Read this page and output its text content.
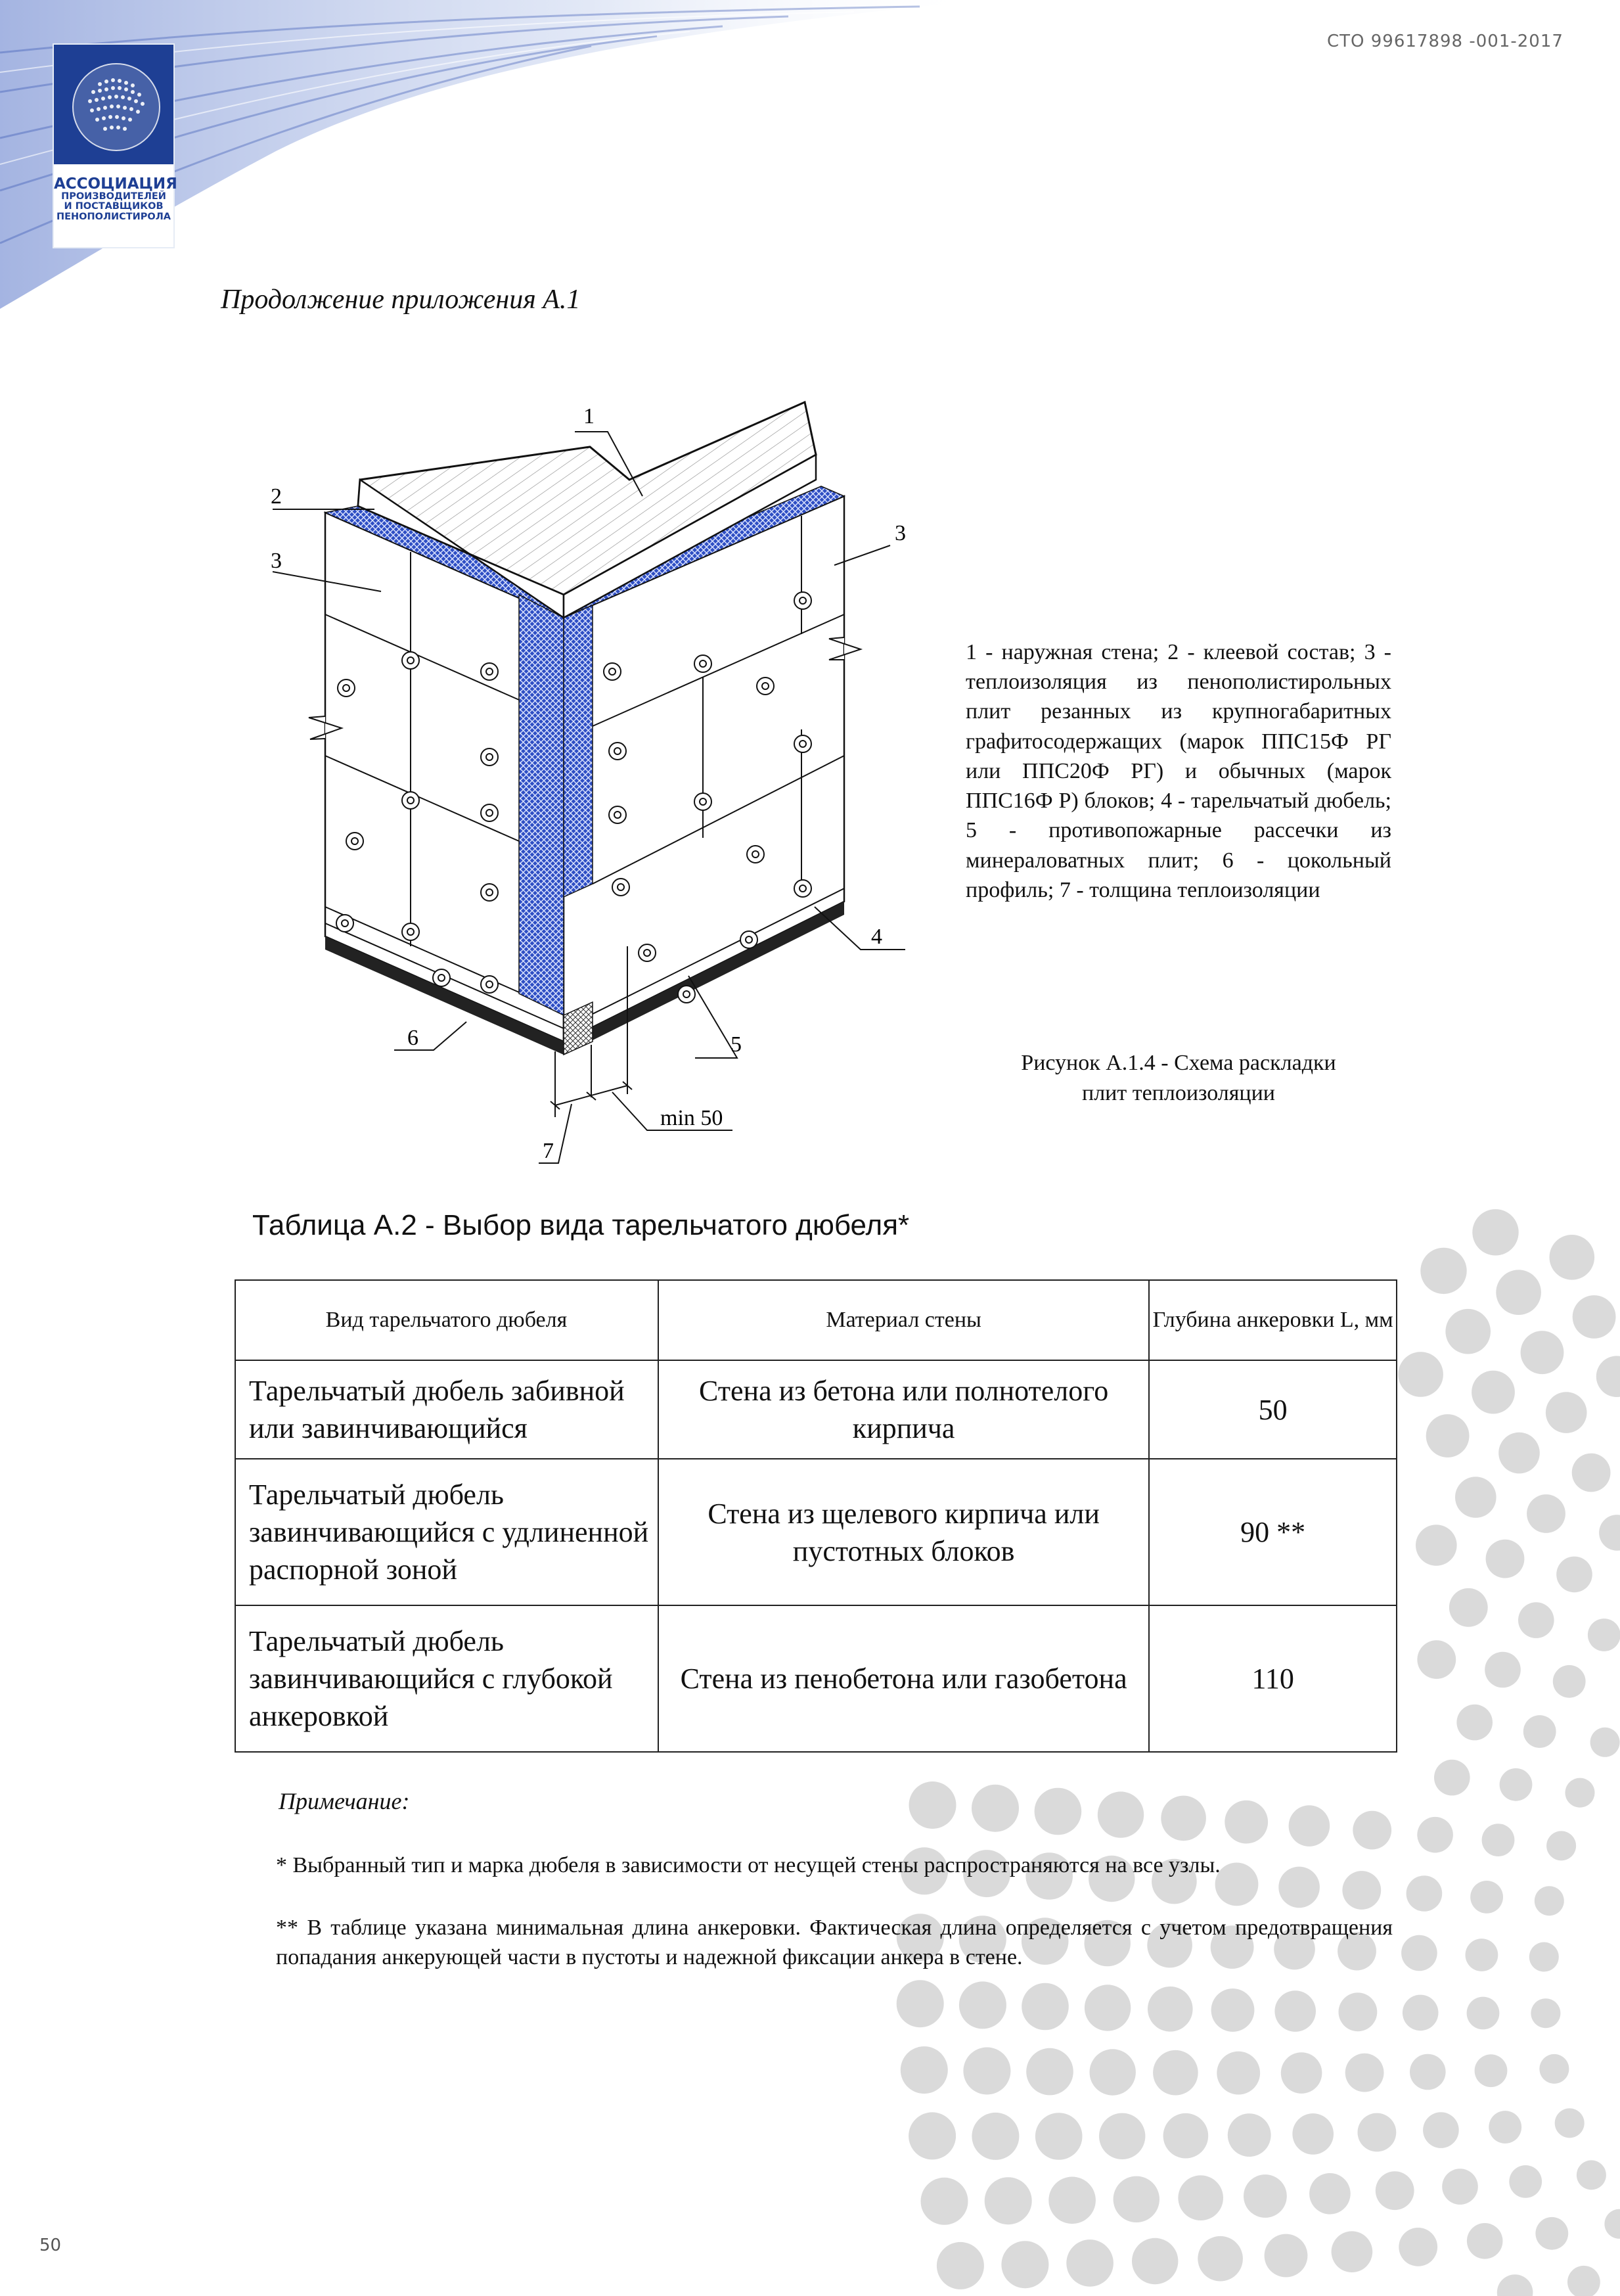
АССОЦИАЦИЯ
ПРОИЗВОДИТЕЛЕЙ
И ПОСТАВЩИКОВ
ПЕНОПОЛИСТИРОЛА
СТО 99617898 -001-2017
Продолжение приложения А.1
1
2
3
3
4
5
6
7
min 50
1 - наружная стена; 2 - клеевой состав; 3 - теплоизоляция из пенополистирольных плит резанных из крупногабаритных графитосодержащих (марок ППС15Ф РГ или ППС20Ф РГ) и обычных (марок ППС16Ф Р) блоков; 4 - тарельчатый дюбель; 5 - противопожарные рассечки из минераловатных плит; 6 - цокольный профиль; 7 - толщина теплоизоляции
Рисунок А.1.4 - Схема раскладки
плит теплоизоляции
Таблица А.2 - Выбор вида тарельчатого дюбеля*
Вид тарельчатого дюбеля	Материал стены	Глубина анкеровки L, мм
Тарельчатый дюбель забивной или завинчивающийся	Стена из бетона или полнотелого кирпича	50
Тарельчатый дюбель завинчивающийся с удлиненной распорной зоной	Стена из щелевого кирпича или пустотных блоков	90 **
Тарельчатый дюбель завинчивающийся с глубокой анкеровкой	Стена из пенобетона или газобетона	110
Примечание:
* Выбранный тип и марка дюбеля в зависимости от несущей стены распространяются на все узлы.
** В таблице указана минимальная длина анкеровки. Фактическая длина определяется с учетом предотвращения попадания анкерующей части в пустоты и надежной фиксации анкера в стене.
50
